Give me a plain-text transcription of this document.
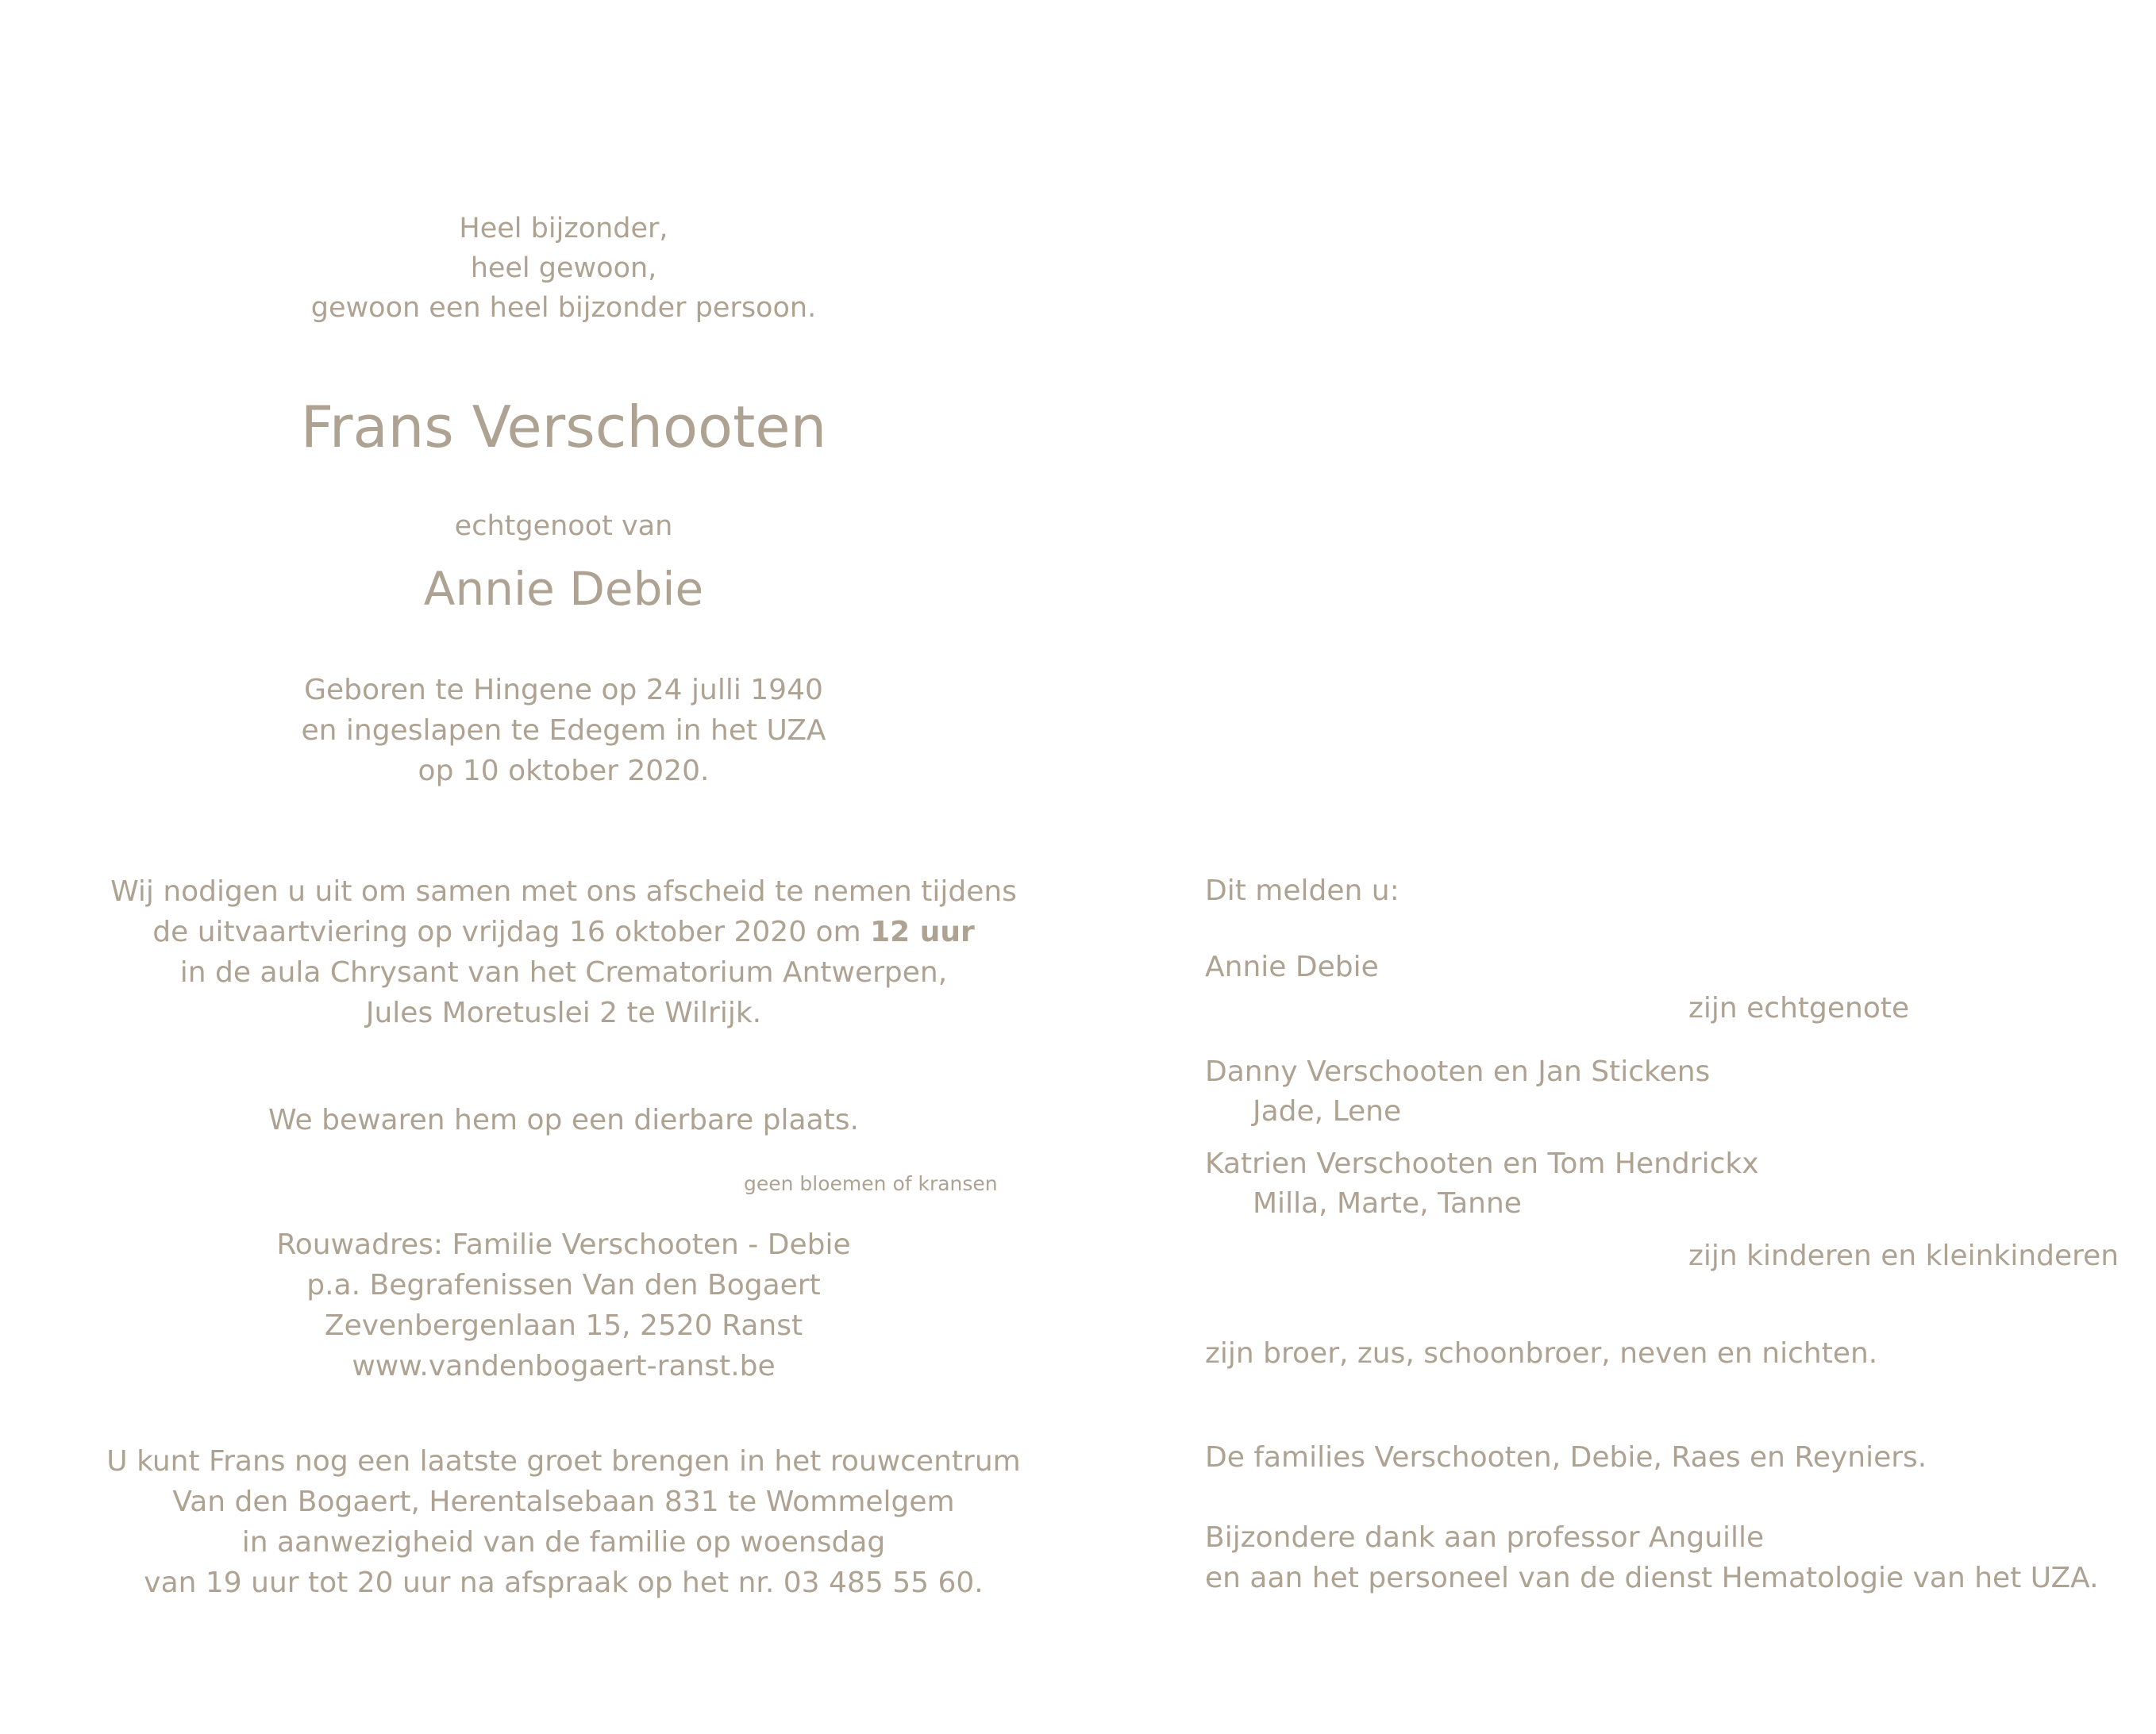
Heel bijzonder,
heel gewoon,
gewoon een heel bijzonder persoon.
Frans Verschooten
echtgenoot van
Annie Debie
Geboren te Hingene op 24 julli 1940
en ingeslapen te Edegem in het UZA
op 10 oktober 2020.
Wij nodigen u uit om samen met ons afscheid te nemen tijdens
de uitvaartviering op vrijdag 16 oktober 2020 om 12 uur
in de aula Chrysant van het Crematorium Antwerpen,
Jules Moretuslei 2 te Wilrijk.
We bewaren hem op een dierbare plaats.
geen bloemen of kransen
Rouwadres: Familie Verschooten - Debie
p.a. Begrafenissen Van den Bogaert
Zevenbergenlaan 15, 2520 Ranst
www.vandenbogaert-ranst.be
U kunt Frans nog een laatste groet brengen in het rouwcentrum
Van den Bogaert, Herentalsebaan 831 te Wommelgem
in aanwezigheid van de familie op woensdag
van 19 uur tot 20 uur na afspraak op het nr. 03 485 55 60.
Dit melden u:
Annie Debie
zijn echtgenote
Danny Verschooten en Jan Stickens
Jade, Lene
Katrien Verschooten en Tom Hendrickx
Milla, Marte, Tanne
zijn kinderen en kleinkinderen
zijn broer, zus, schoonbroer, neven en nichten.
De families Verschooten, Debie, Raes en Reyniers.
Bijzondere dank aan professor Anguille
en aan het personeel van de dienst Hematologie van het UZA.
